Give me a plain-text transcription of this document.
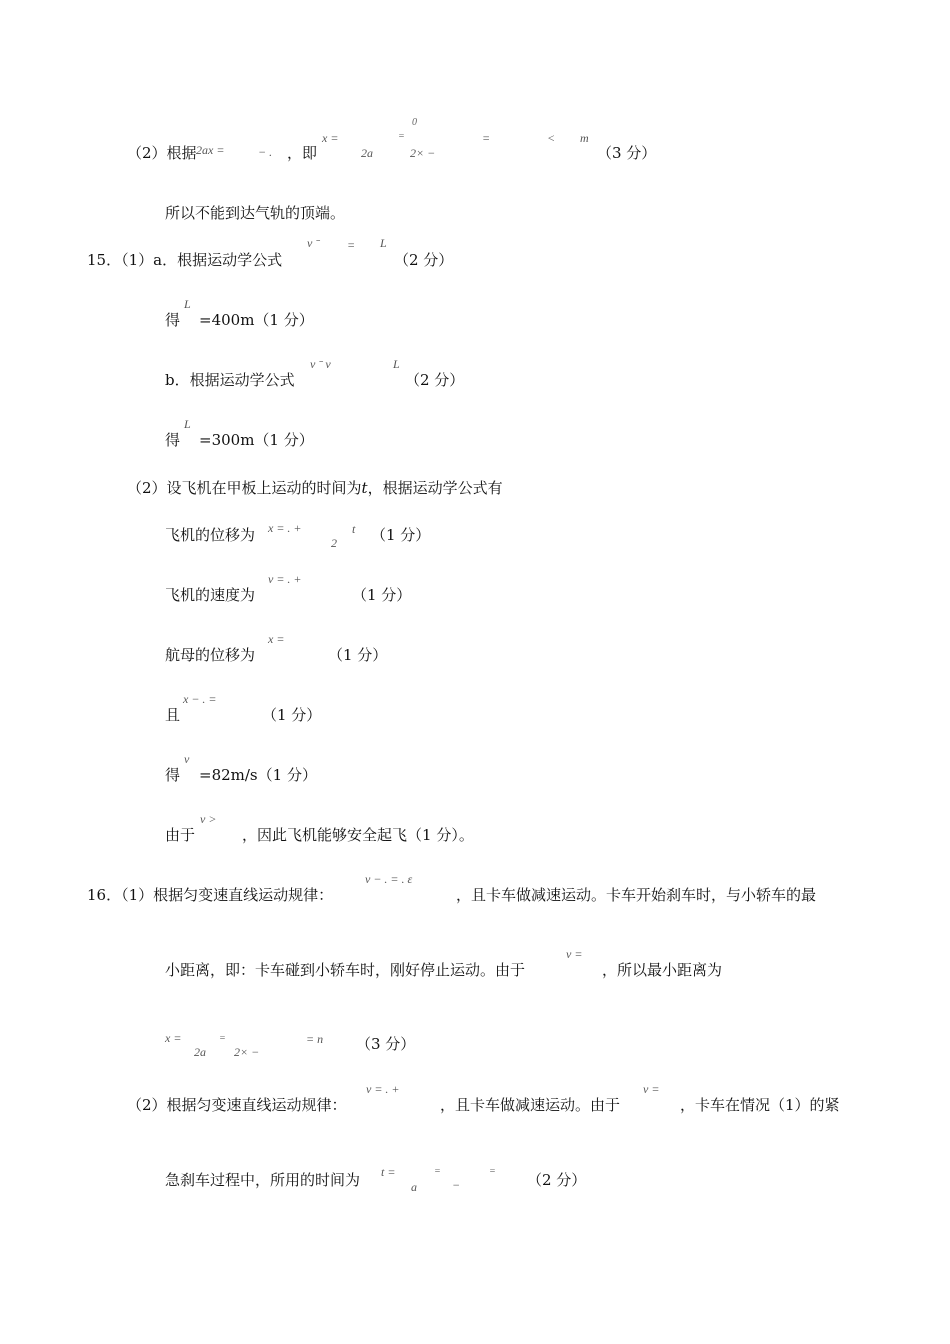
（2）根据 2ax =	− . ，即
x =
2a
=
0
2× −
=	< m
（3 分）
所以不能到达气轨的顶端。
15．（1）a．根据运动学公式
v ˉ = L
（2 分）
得
L
=400m（1 分）
b．根据运动学公式
v ˉ v	L
（2 分）
得
L
=300m（1 分）
（2）设飞机在甲板上运动的时间为t，根据运动学公式有
飞机的位移为 x = . +
2
t （1 分）
飞机的速度为
v = . +
（1 分）
航母的位移为
x =
（1 分）
且
x − . =
（1 分）
得
v
=82m/s（1 分）
由于
v >
，因此飞机能够安全起飞（1 分）。
16．（1）根据匀变速直线运动规律：
v − . = . ε
，且卡车做减速运动。卡车开始刹车时，与小轿车的最
小距离，即：卡车碰到小轿车时，刚好停止运动。由于
v =
，所以最小距离为
x =
2a
=
2× −
= n （3 分）
（2）根据匀变速直线运动规律：
v = . +
，且卡车做减速运动。由于
v =
，卡车在情况（1）的紧
急刹车过程中，所用的时间为 t =
a
=
−
= （2 分）
